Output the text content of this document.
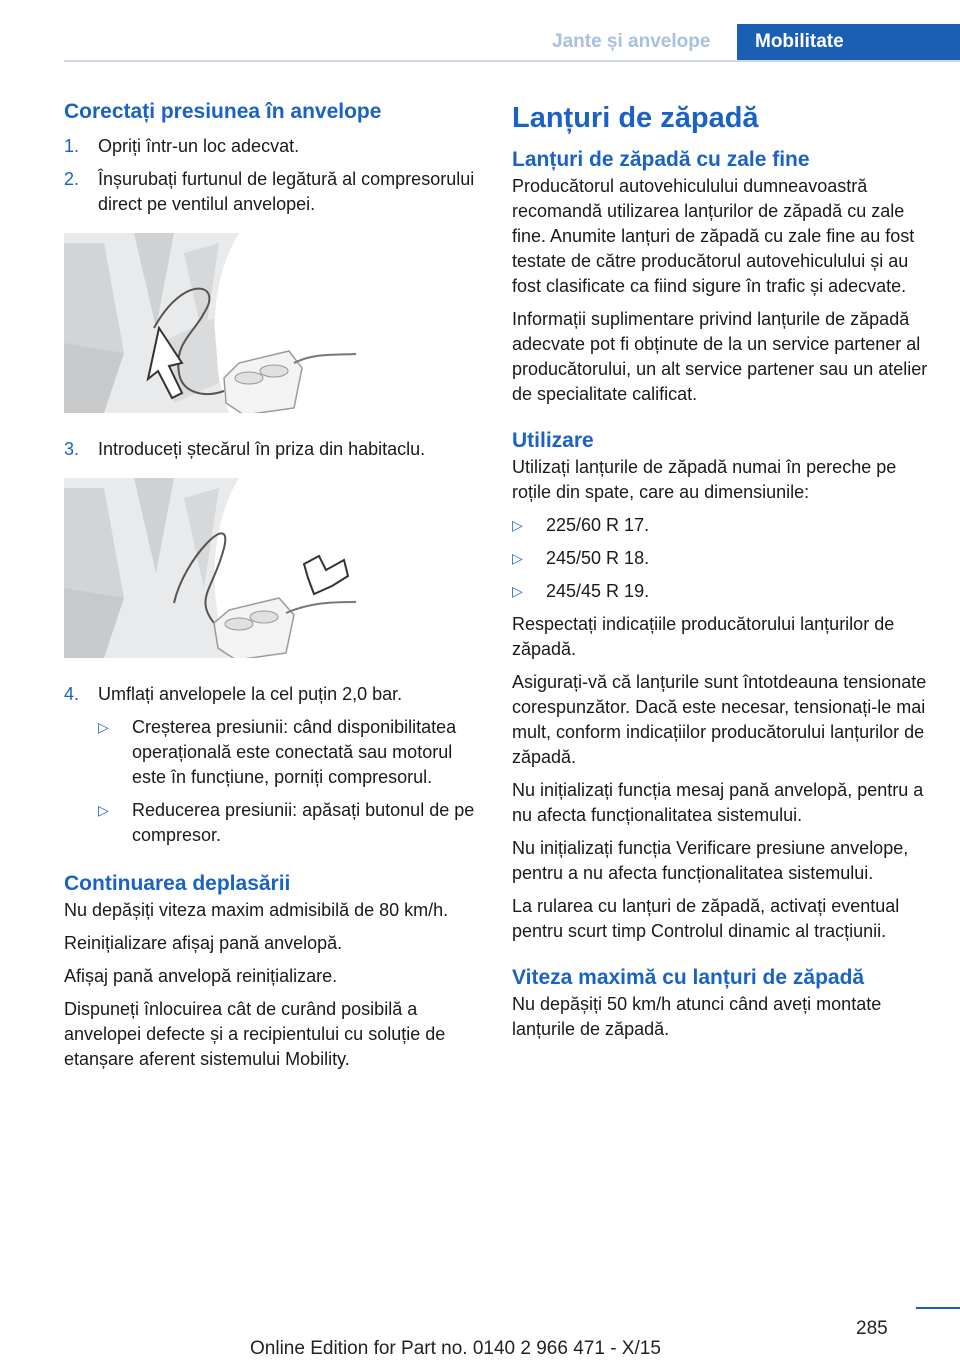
Jante și anvelope	Mobilitate
Corectați presiunea în anvelope
1.	Opriți într-un loc adecvat.
2.	Înșurubați furtunul de legătură al compresorului direct pe ventilul anvelopei.
3.	Introduceți ștecărul în priza din habitaclu.
4.	Umflați anvelopele la cel puțin 2,0 bar.
▷	Creșterea presiunii: când disponibilitatea operațională este conectată sau motorul este în funcțiune, porniți compresorul.
▷	Reducerea presiunii: apăsați butonul de pe compresor.
Continuarea deplasării

Nu depășiți viteza maxim admisibilă de 80 km/h.

Reinițializare afișaj pană anvelopă.

Afișaj pană anvelopă reinițializare.

Dispuneți înlocuirea cât de curând posibilă a anvelopei defecte și a recipientului cu soluție de etanșare aferent sistemului Mobility.

Lanțuri de zăpadă
Lanțuri de zăpadă cu zale fine

Producătorul autovehiculului dumneavoastră recomandă utilizarea lanțurilor de zăpadă cu zale fine. Anumite lanțuri de zăpadă cu zale fine au fost testate de către producătorul autovehiculului și au fost clasificate ca fiind sigure în trafic și adecvate.

Informații suplimentare privind lanțurile de zăpadă adecvate pot fi obținute de la un service partener al producătorului, un alt service partener sau un atelier de specialitate calificat.

Utilizare

Utilizați lanțurile de zăpadă numai în pereche pe roțile din spate, care au dimensiunile:

▷	225/60 R 17.
▷	245/50 R 18.
▷	245/45 R 19.

Respectați indicațiile producătorului lanțurilor de zăpadă.

Asigurați-vă că lanțurile sunt întotdeauna tensionate corespunzător. Dacă este necesar, tensionați-le mai mult, conform indicațiilor producătorului lanțurilor de zăpadă.

Nu inițializați funcția mesaj pană anvelopă, pentru a nu afecta funcționalitatea sistemului.

Nu inițializați funcția Verificare presiune anvelope, pentru a nu afecta funcționalitatea sistemului.

La rularea cu lanțuri de zăpadă, activați eventual pentru scurt timp Controlul dinamic al tracțiunii.

Viteza maximă cu lanțuri de zăpadă

Nu depășiți 50 km/h atunci când aveți montate lanțurile de zăpadă.

285
Online Edition for Part no. 0140 2 966 471 - X/15
